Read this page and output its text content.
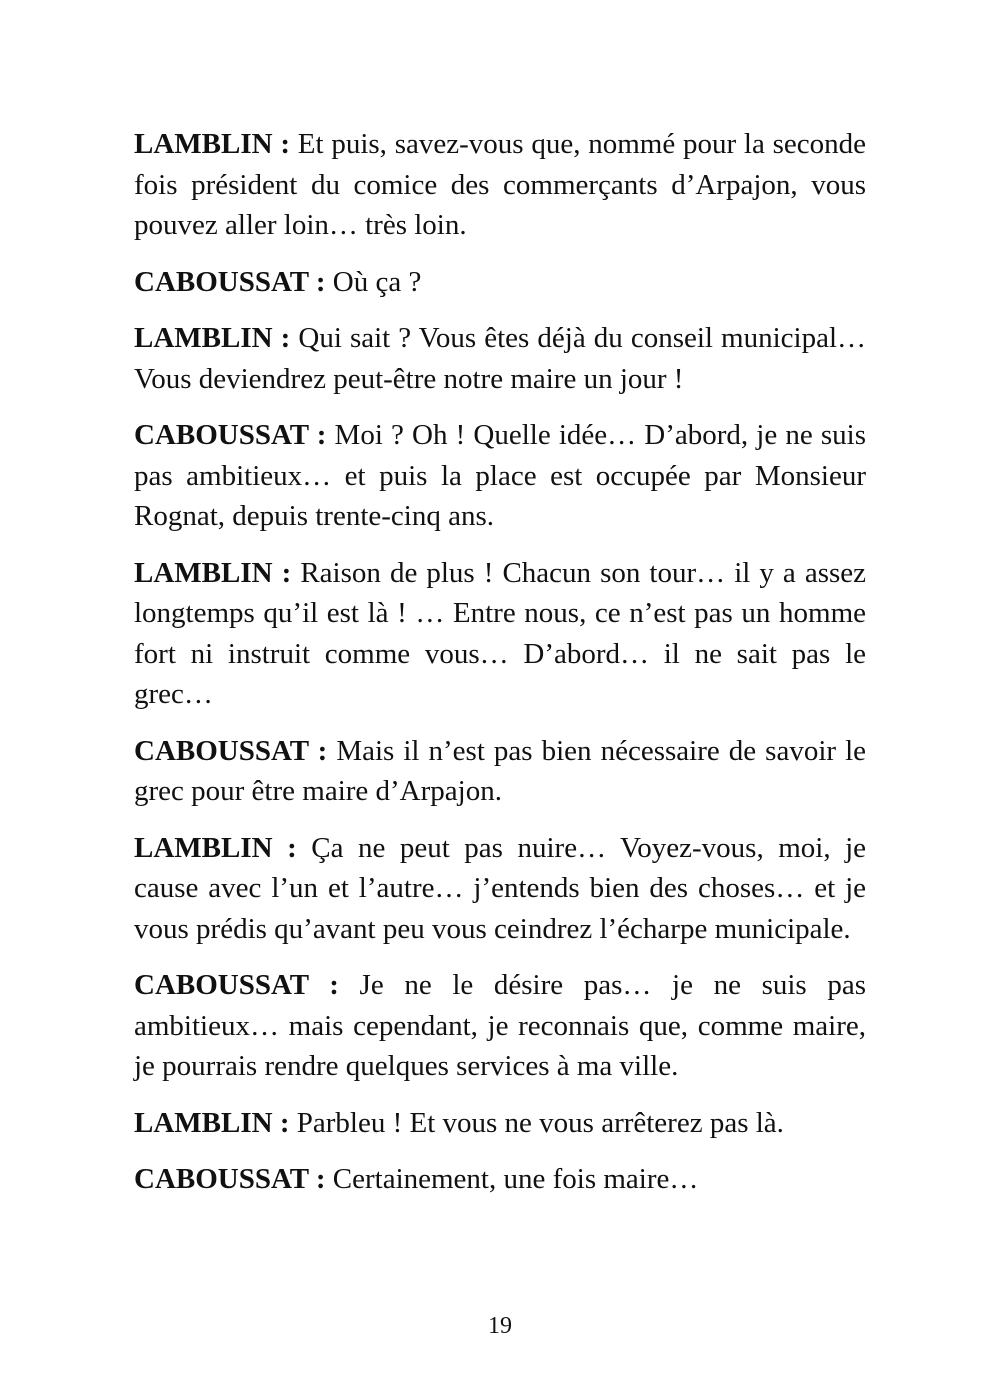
LAMBLIN : Et puis, savez-vous que, nommé pour la seconde fois président du comice des commerçants d’Arpajon, vous pouvez aller loin… très loin.

CABOUSSAT : Où ça ?

LAMBLIN : Qui sait ? Vous êtes déjà du conseil municipal… Vous deviendrez peut-être notre maire un jour !

CABOUSSAT : Moi ? Oh ! Quelle idée… D’abord, je ne suis pas ambitieux… et puis la place est occupée par Monsieur Rognat, depuis trente-cinq ans.

LAMBLIN : Raison de plus ! Chacun son tour… il y a assez longtemps qu’il est là ! … Entre nous, ce n’est pas un homme fort ni instruit comme vous… D’abord… il ne sait pas le grec…

CABOUSSAT : Mais il n’est pas bien nécessaire de savoir le grec pour être maire d’Arpajon.

LAMBLIN : Ça ne peut pas nuire… Voyez-vous, moi, je cause avec l’un et l’autre… j’entends bien des choses… et je vous prédis qu’avant peu vous ceindrez l’écharpe municipale.

CABOUSSAT : Je ne le désire pas… je ne suis pas ambitieux… mais cependant, je reconnais que, comme maire, je pourrais rendre quelques services à ma ville.

LAMBLIN : Parbleu ! Et vous ne vous arrêterez pas là.

CABOUSSAT : Certainement, une fois maire…

19
